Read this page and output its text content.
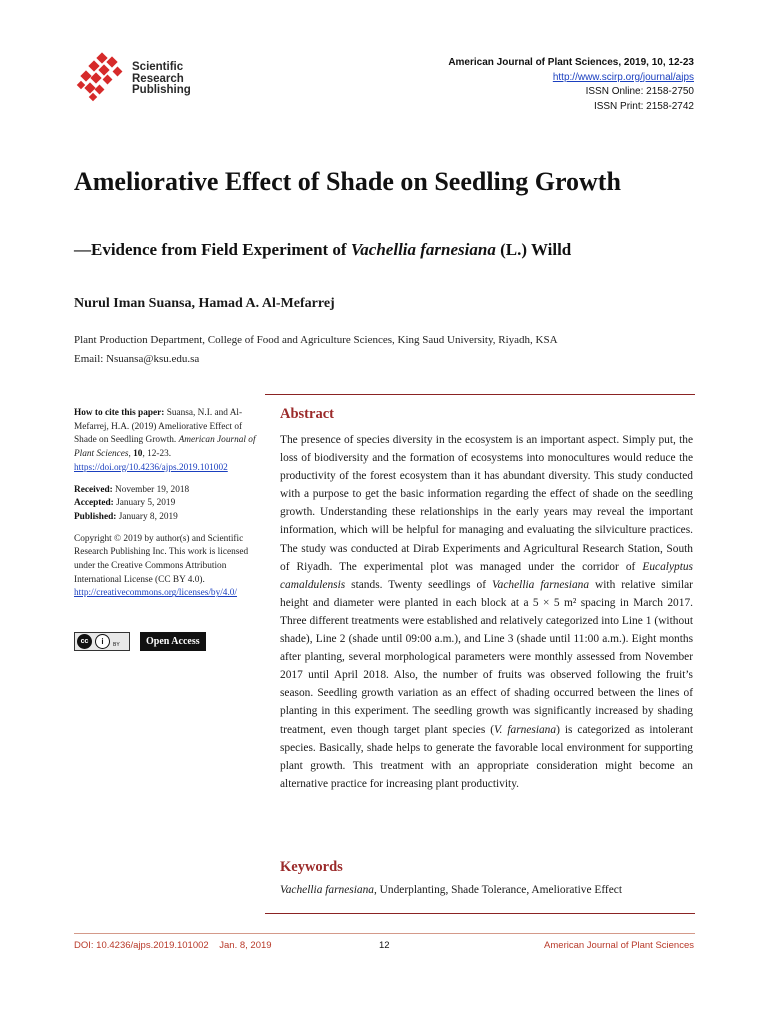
Scientific
Research
Publishing
American Journal of Plant Sciences, 2019, 10, 12-23
http://www.scirp.org/journal/ajps
ISSN Online: 2158-2750
ISSN Print: 2158-2742
Ameliorative Effect of Shade on Seedling Growth
—Evidence from Field Experiment of Vachellia farnesiana (L.) Willd
Nurul Iman Suansa, Hamad A. Al-Mefarrej
Plant Production Department, College of Food and Agriculture Sciences, King Saud University, Riyadh, KSA
Email: Nsuansa@ksu.edu.sa

How to cite this paper: Suansa, N.I. and Al-Mefarrej, H.A. (2019) Ameliorative Effect of Shade on Seedling Growth. American Journal of Plant Sciences, 10, 12-23.
https://doi.org/10.4236/ajps.2019.101002

Received: November 19, 2018

Accepted: January 5, 2019

Published: January 8, 2019

Copyright © 2019 by author(s) and Scientific Research Publishing Inc. This work is licensed under the Creative Commons Attribution International License (CC BY 4.0).

http://creativecommons.org/licenses/by/4.0/

cc	i	BY	Open Access
Abstract
The presence of species diversity in the ecosystem is an important aspect. Simply put, the loss of biodiversity and the formation of ecosystems into monocultures would reduce the productivity of the forest ecosystem than it has abundant diversity. This study conducted with a purpose to get the basic information regarding the effect of shade on the seedling growth. Understanding these relationships in the early years may reveal the important information, which will be helpful for managing and evaluating the silviculture practices. The study was conducted at Dirab Experiments and Agricultural Research Station, South of Riyadh. The experimental plot was managed under the corridor of Eucalyptus camaldulensis stands. Twenty seedlings of Vachellia farnesiana with relative similar height and diameter were planted in each block at a 5 × 5 m² spacing in March 2017. Three different treatments were established and relatively categorized into Line 1 (without shade), Line 2 (shade until 09:00 a.m.), and Line 3 (shade until 11:00 a.m.). Eight months after planting, several morphological parameters were monthly assessed from November 2017 until April 2018. Also, the number of fruits was observed following the fruit’s season. Seedling growth variation as an effect of shading occurred between the lines of planting in this experiment. The seedling growth was significantly increased by shading treatment, even though target plant species (V. farnesiana) is categorized as intolerant species. Basically, shade helps to generate the favorable local environment for supporting plant growth. This treatment with an appropriate consideration might become an alternative practice for increasing plant productivity.
Keywords
Vachellia farnesiana, Underplanting, Shade Tolerance, Ameliorative Effect
DOI: 10.4236/ajps.2019.101002    Jan. 8, 2019	12	American Journal of Plant Sciences
